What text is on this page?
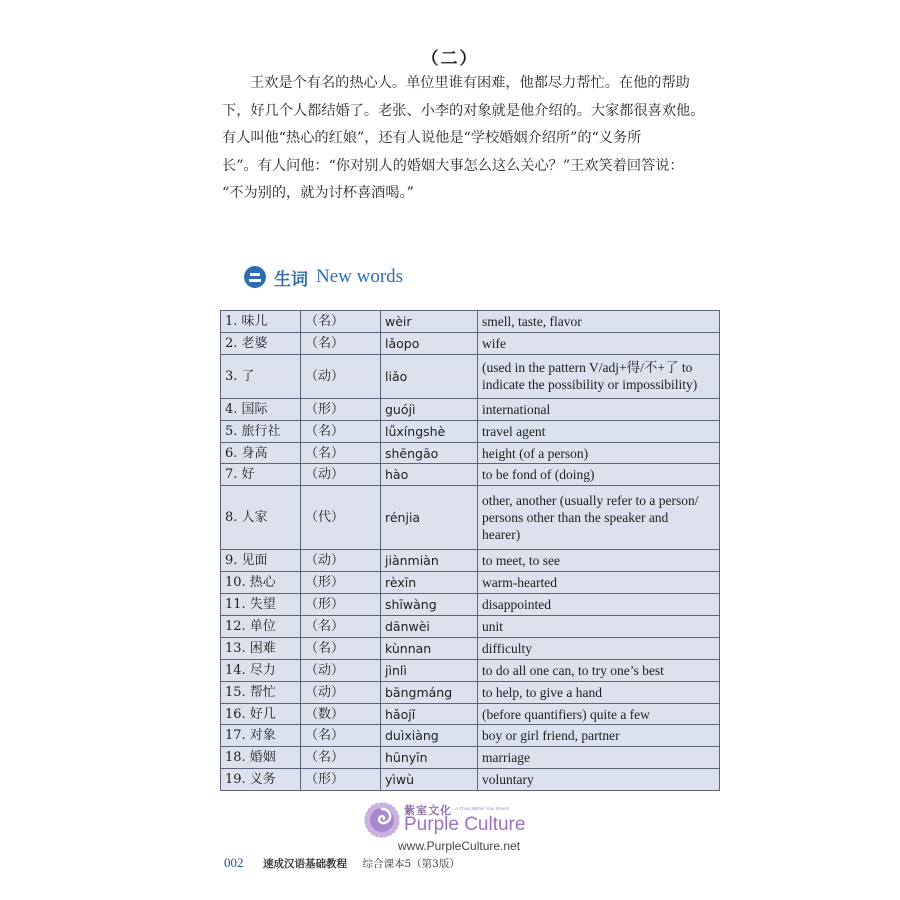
（二）
王欢是个有名的热心人。单位里谁有困难，他都尽力帮忙。在他的帮助
下，好几个人都结婚了。老张、小李的对象就是他介绍的。大家都很喜欢他。
有人叫他“热心的红娘”，还有人说他是“学校婚姻介绍所”的“义务所
长”。有人问他：“你对别人的婚姻大事怎么这么关心？”王欢笑着回答说：
“不为别的，就为讨杯喜酒喝。”
生词 New words
1. 味儿	（名）	wèir	smell, taste, flavor

2. 老婆	（名）	lǎopo	wife

3. 了	（动）	liǎo	(used in the pattern V/adj+得/不+了 to
indicate the possibility or impossibility)

4. 国际	（形）	guójì	international

5. 旅行社	（名）	lǚxíngshè	travel agent

6. 身高	（名）	shēngāo	height (of a person)

7. 好	（动）	hào	to be fond of (doing)

8. 人家	（代）	rénjia	other, another (usually refer to a person/
persons other than the speaker and
hearer)

9. 见面	（动）	jiànmiàn	to meet, to see

10. 热心	（形）	rèxīn	warm-hearted

11. 失望	（形）	shīwàng	disappointed

12. 单位	（名）	dānwèi	unit

13. 困难	（名）	kùnnan	difficulty

14. 尽力	（动）	jìnlì	to do all one can, to try one’s best

15. 帮忙	（动）	bāngmáng	to help, to give a hand

16. 好几	（数）	hǎojǐ	(before quantifiers) quite a few

17. 对象	（名）	duìxiàng	boy or girl friend, partner

18. 婚姻	（名）	hūnyīn	marriage

19. 义务	（形）	yìwù	voluntary
紫室文化 A China Within Your Reach
Purple Culture
www.PurpleCulture.net
002 速成汉语基础教程 综合课本5（第3版）
